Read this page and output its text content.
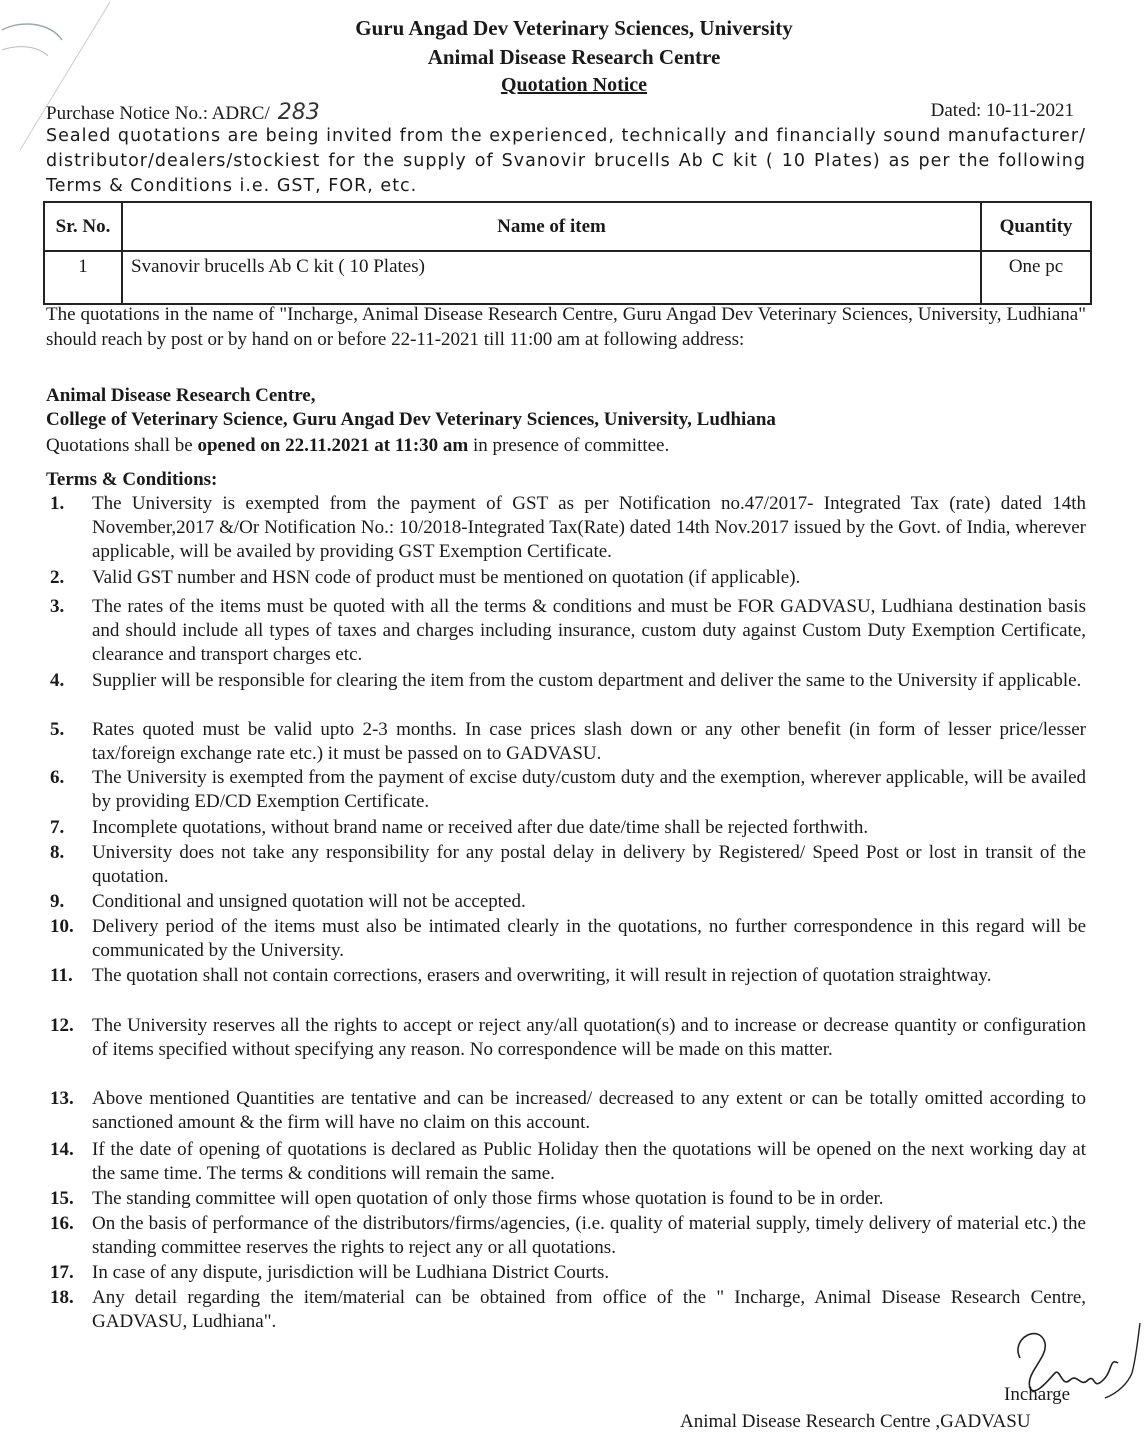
Guru Angad Dev Veterinary Sciences, University
Animal Disease Research Centre
Quotation Notice
Purchase Notice No.: ADRC/ 283	Dated: 10-11-2021
Sealed quotations are being invited from the experienced, technically and financially sound manufacturer/ distributor/dealers/stockiest for the supply of Svanovir brucells Ab C kit ( 10 Plates) as per the following Terms & Conditions i.e. GST, FOR, etc.
Sr. No.	Name of item	Quantity
1	Svanovir brucells Ab C kit ( 10 Plates)	One pc
The quotations in the name of "Incharge, Animal Disease Research Centre, Guru Angad Dev Veterinary Sciences, University, Ludhiana" should reach by post or by hand on or before 22-11-2021 till 11:00 am at following address:
Animal Disease Research Centre,
College of Veterinary Science, Guru Angad Dev Veterinary Sciences, University, Ludhiana
Quotations shall be opened on 22.11.2021 at 11:30 am in presence of committee.
Terms & Conditions:
1.	The University is exempted from the payment of GST as per Notification no.47/2017- Integrated Tax (rate) dated 14th November,2017 &/Or Notification No.: 10/2018-Integrated Tax(Rate) dated 14th Nov.2017 issued by the Govt. of India, wherever applicable, will be availed by providing GST Exemption Certificate.
2.	Valid GST number and HSN code of product must be mentioned on quotation (if applicable).
3.	The rates of the items must be quoted with all the terms & conditions and must be FOR GADVASU, Ludhiana destination basis and should include all types of taxes and charges including insurance, custom duty against Custom Duty Exemption Certificate, clearance and transport charges etc.
4.	Supplier will be responsible for clearing the item from the custom department and deliver the same to the University if applicable.
5.	Rates quoted must be valid upto 2-3 months. In case prices slash down or any other benefit (in form of lesser price/lesser tax/foreign exchange rate etc.) it must be passed on to GADVASU.
6.	The University is exempted from the payment of excise duty/custom duty and the exemption, wherever applicable, will be availed by providing ED/CD Exemption Certificate.
7.	Incomplete quotations, without brand name or received after due date/time shall be rejected forthwith.
8.	University does not take any responsibility for any postal delay in delivery by Registered/ Speed Post or lost in transit of the quotation.
9.	Conditional and unsigned quotation will not be accepted.
10. Delivery period of the items must also be intimated clearly in the quotations, no further correspondence in this regard will be communicated by the University.
11.	The quotation shall not contain corrections, erasers and overwriting, it will result in rejection of quotation straightway.
12. The University reserves all the rights to accept or reject any/all quotation(s) and to increase or decrease quantity or configuration of items specified without specifying any reason. No correspondence will be made on this matter.
13. Above mentioned Quantities are tentative and can be increased/ decreased to any extent or can be totally omitted according to sanctioned amount & the firm will have no claim on this account.
14. If the date of opening of quotations is declared as Public Holiday then the quotations will be opened on the next working day at the same time. The terms & conditions will remain the same.
15. The standing committee will open quotation of only those firms whose quotation is found to be in order.
16. On the basis of performance of the distributors/firms/agencies, (i.e. quality of material supply, timely delivery of material etc.) the standing committee reserves the rights to reject any or all quotations.
17. In case of any dispute, jurisdiction will be Ludhiana District Courts.
18. Any detail regarding the item/material can be obtained from office of the " Incharge, Animal Disease Research Centre, GADVASU, Ludhiana".
Incharge
Animal Disease Research Centre ,GADVASU
